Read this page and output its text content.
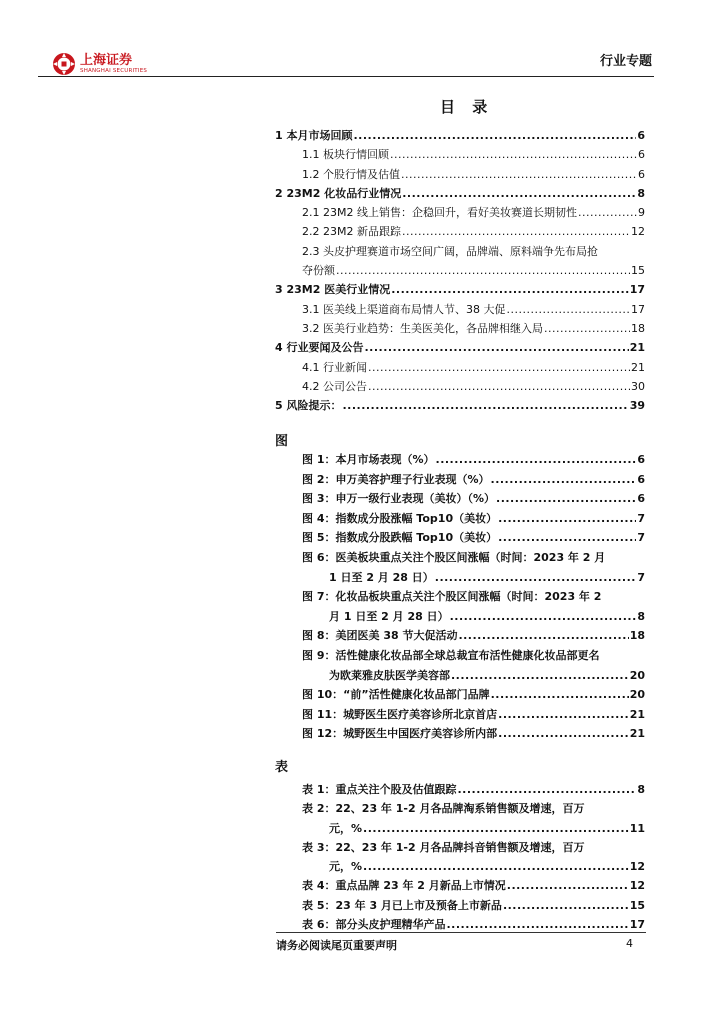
上海证券
SHANGHAI SECURITIES
行业专题
目 录
1 本月市场回顾 .....	6
1.1 板块行情回顾 .....	6
1.2 个股行情及估值 .....	6
2 23M2 化妆品行业情况 .....	8
2.1 23M2 线上销售：企稳回升，看好美妆赛道长期韧性 .....	9
2.2 23M2 新品跟踪 .....	12
2.3 头皮护理赛道市场空间广阔，品牌端、原料端争先布局抢
夺份额 .....	15
3 23M2 医美行业情况 .....	17
3.1 医美线上渠道商布局情人节、38 大促 .....	17
3.2 医美行业趋势：生美医美化，各品牌相继入局 .....	18
4 行业要闻及公告 .....	21
4.1 行业新闻 .....	21
4.2 公司公告 .....	30
5 风险提示： .....	39
图
图 1：本月市场表现（%） .....	6
图 2：申万美容护理子行业表现（%） .....	6
图 3：申万一级行业表现（美妆）（%） .....	6
图 4：指数成分股涨幅 Top10（美妆） .....	7
图 5：指数成分股跌幅 Top10（美妆） .....	7
图 6：医美板块重点关注个股区间涨幅（时间：2023 年 2 月
1 日至 2 月 28 日） .....	7
图 7：化妆品板块重点关注个股区间涨幅（时间：2023 年 2
月 1 日至 2 月 28 日） .....	8
图 8：美团医美 38 节大促活动 .....	18
图 9：活性健康化妆品部全球总裁宣布活性健康化妆品部更名
为欧莱雅皮肤医学美容部 .....	20
图 10：“前”活性健康化妆品部门品牌 .....	20
图 11：城野医生医疗美容诊所北京首店 .....	21
图 12：城野医生中国医疗美容诊所内部 .....	21
表
表 1：重点关注个股及估值跟踪 .....	8
表 2：22、23 年 1-2 月各品牌淘系销售额及增速，百万
元，% .....	11
表 3：22、23 年 1-2 月各品牌抖音销售额及增速，百万
元，% .....	12
表 4：重点品牌 23 年 2 月新品上市情况 .....	12
表 5：23 年 3 月已上市及预备上市新品 .....	15
表 6：部分头皮护理精华产品 .....	17
请务必阅读尾页重要声明	4
